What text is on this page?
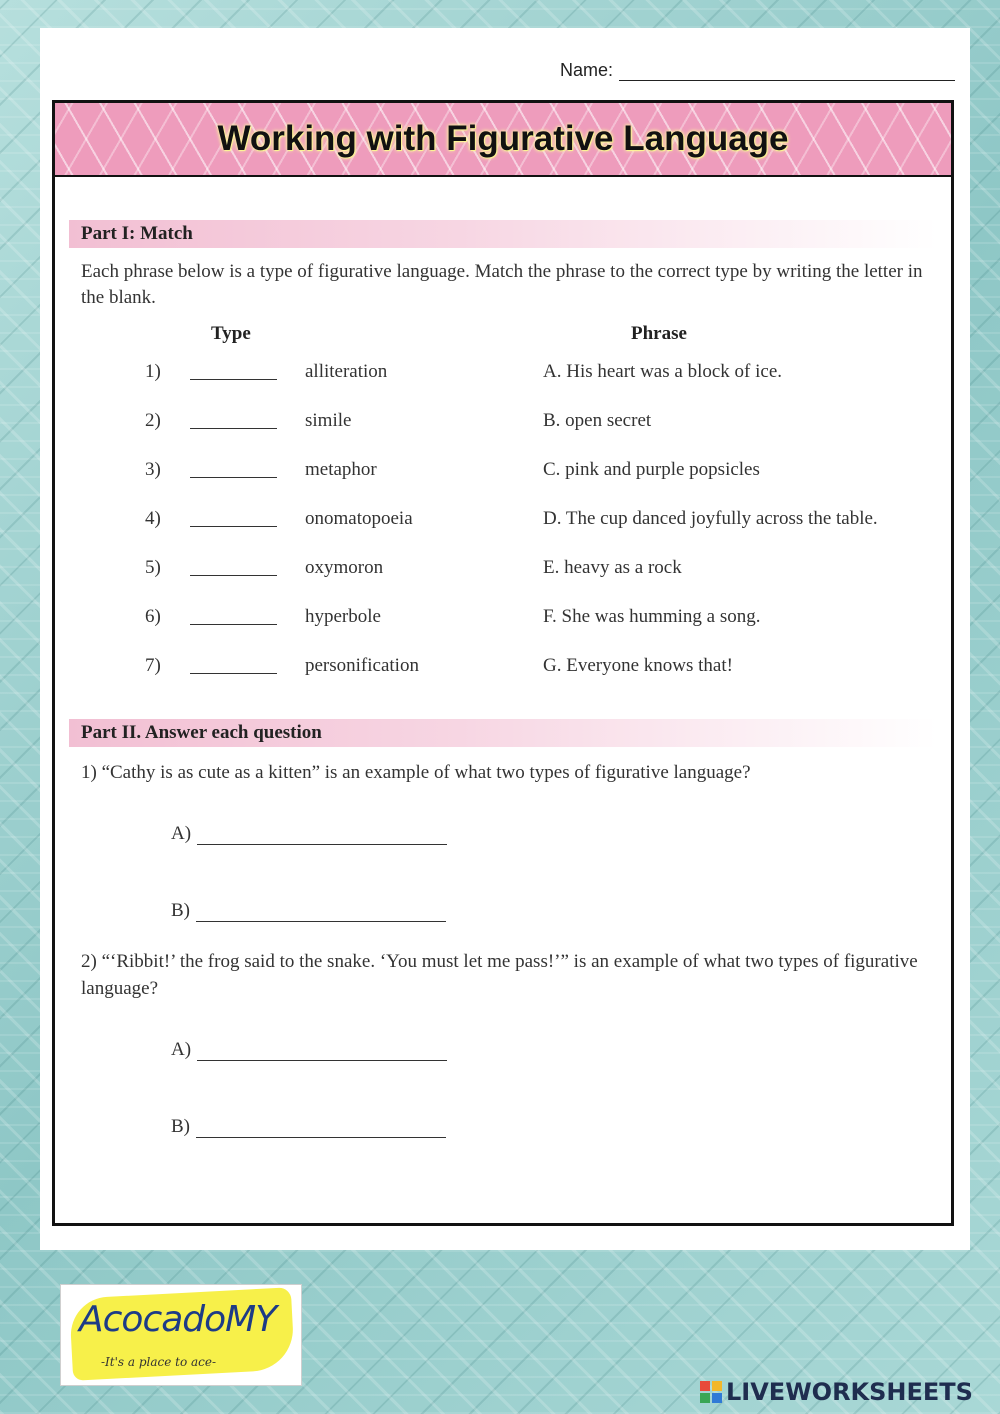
Name:
Working with Figurative Language
Part I: Match
Each phrase below is a type of figurative language. Match the phrase to the correct type by writing the letter in the blank.
Type	Phrase
1)	alliteration	A. His heart was a block of ice.
2)	simile	B. open secret
3)	metaphor	C. pink and purple popsicles
4)	onomatopoeia	D. The cup danced joyfully across the table.
5)	oxymoron	E. heavy as a rock
6)	hyperbole	F. She was humming a song.
7)	personification	G. Everyone knows that!
Part II. Answer each question
1) “Cathy is as cute as a kitten” is an example of what two types of figurative language?
A)
B)
2) “‘Ribbit!’ the frog said to the snake. ‘You must let me pass!’” is an example of what two types of figurative language?
A)
B)
AcocadoMY
-It's a place to ace-
LIVEWORKSHEETS
